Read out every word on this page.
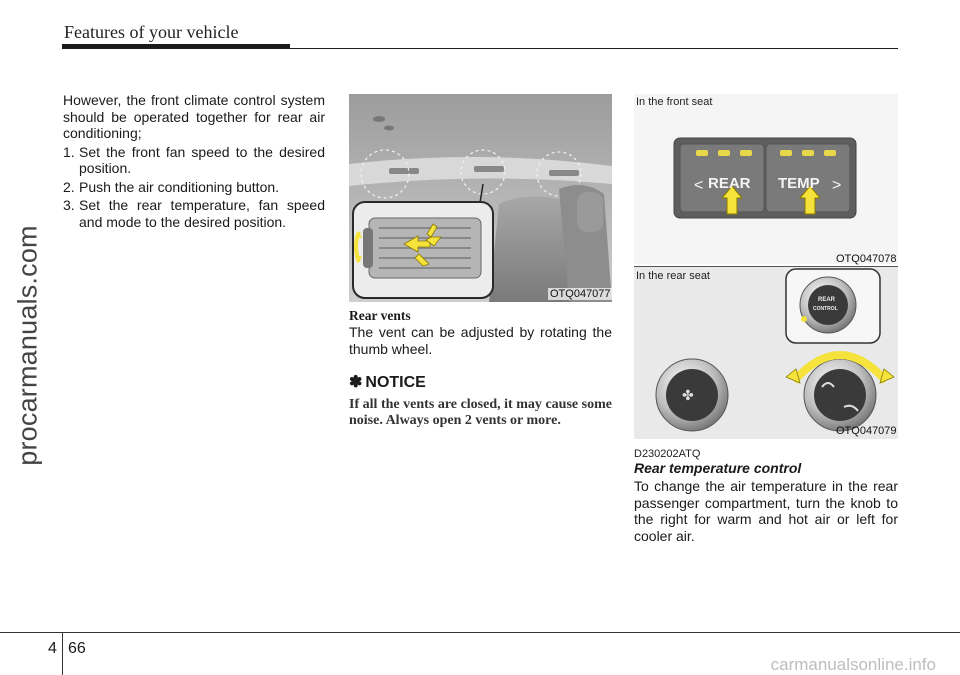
Features of your vehicle
procarmanuals.com
carmanualsonline.info

However, the front climate control system should be operated together for rear air conditioning;

1. Set the front fan speed to the desired position.
2. Push the air conditioning button.
3. Set the rear temperature, fan speed and mode to the desired position.
OTQ047077
Rear vents
The vent can be adjusted by rotating the thumb wheel.
✽ NOTICE
If all the vents are closed, it may cause some noise. Always open 2 vents or more.
<	>
REAR TEMP
In the front seat
OTQ047078
✤
REAR
CONTROL
In the rear seat
OTQ047079
D230202ATQ
Rear temperature control
To change the air temperature in the rear passenger compartment, turn the knob to the right for warm and hot air or left for cooler air.
4 66
